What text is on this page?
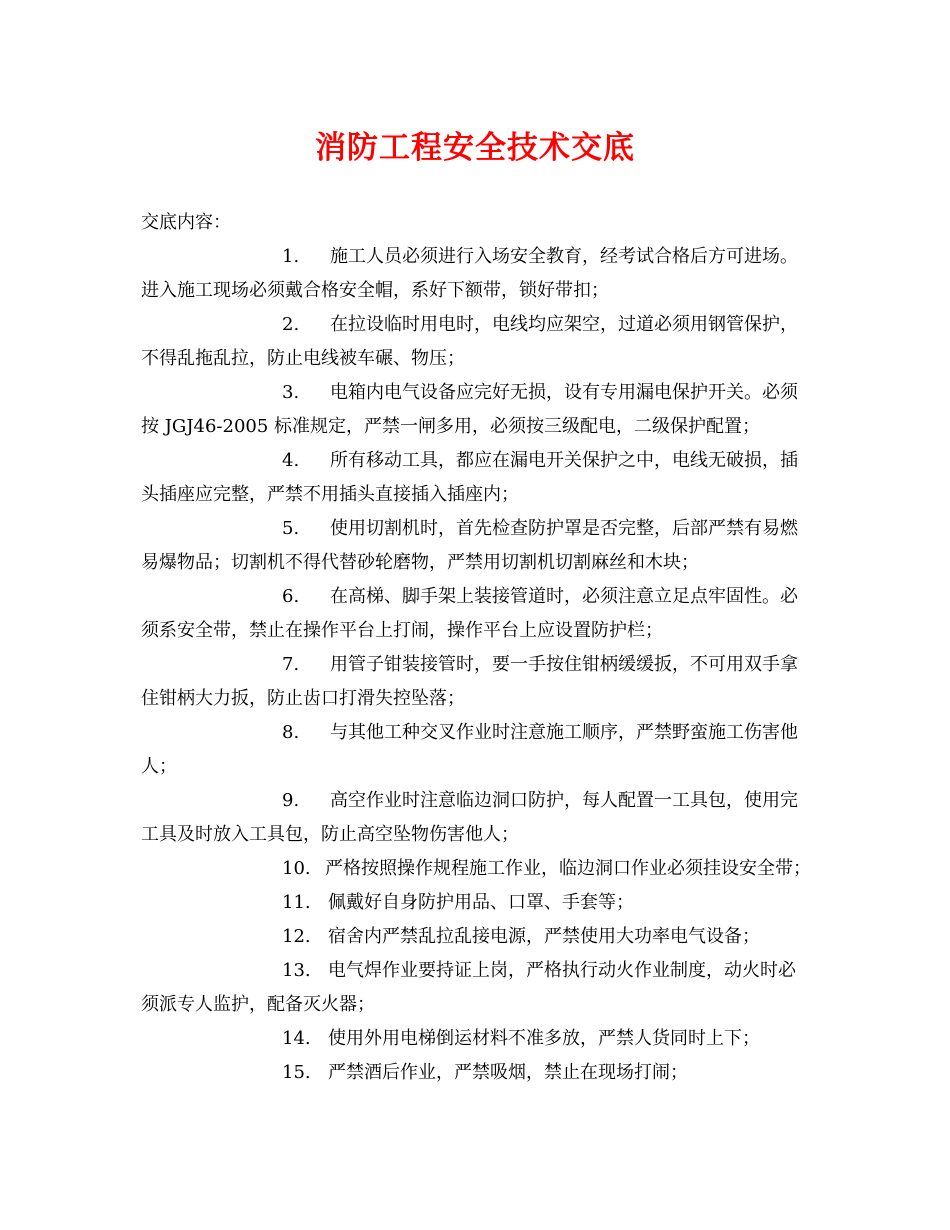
消防工程安全技术交底

交底内容：

1.	施工人员必须进行入场安全教育，经考试合格后方可进场。
进入施工现场必须戴合格安全帽，系好下额带，锁好带扣；
2.	在拉设临时用电时，电线均应架空，过道必须用钢管保护，
不得乱拖乱拉，防止电线被车碾、物压；
3.	电箱内电气设备应完好无损，设有专用漏电保护开关。必须
按 JGJ46-2005 标准规定，严禁一闸多用，必须按三级配电，二级保护配置；
4.	所有移动工具，都应在漏电开关保护之中，电线无破损，插
头插座应完整，严禁不用插头直接插入插座内；
5.	使用切割机时，首先检查防护罩是否完整，后部严禁有易燃
易爆物品；切割机不得代替砂轮磨物，严禁用切割机切割麻丝和木块；
6.	在高梯、脚手架上装接管道时，必须注意立足点牢固性。必
须系安全带，禁止在操作平台上打闹，操作平台上应设置防护栏；
7.	用管子钳装接管时，要一手按住钳柄缓缓扳，不可用双手拿
住钳柄大力扳，防止齿口打滑失控坠落；
8.	与其他工种交叉作业时注意施工顺序，严禁野蛮施工伤害他
人；
9.	高空作业时注意临边洞口防护，每人配置一工具包，使用完
工具及时放入工具包，防止高空坠物伤害他人；
10. 严格按照操作规程施工作业，临边洞口作业必须挂设安全带；
11. 佩戴好自身防护用品、口罩、手套等；
12. 宿舍内严禁乱拉乱接电源，严禁使用大功率电气设备；
13. 电气焊作业要持证上岗，严格执行动火作业制度，动火时必
须派专人监护，配备灭火器；
14. 使用外用电梯倒运材料不准多放，严禁人货同时上下；
15. 严禁酒后作业，严禁吸烟，禁止在现场打闹；
